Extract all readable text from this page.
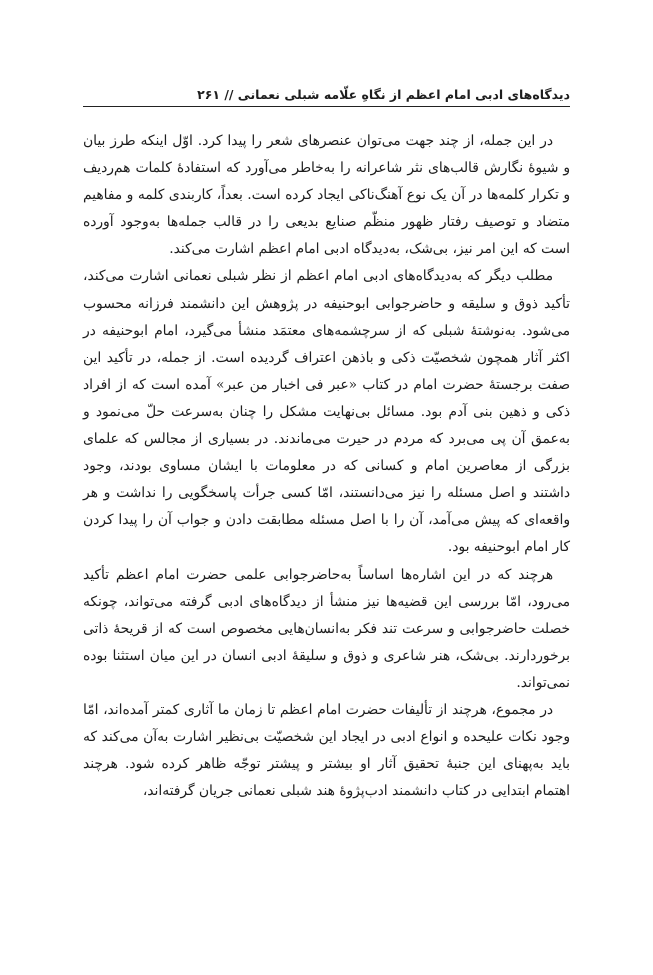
دیدگاه‌های ادبی امام اعظم از نگاهِ علّامه شبلی نعمانی // ۲۶۱

در این جمله، از چند جهت می‌توان عنصرهای شعر را پیدا کرد. اوّل اینکه طرز بیان و شیوهٔ نگارش قالب‌های نثر شاعرانه را به‌خاطر می‌آورد که استفادهٔ کلمات هم‌ردیف و تکرار کلمه‌ها در آن یک نوع آهنگ‌ناکی ایجاد کرده است. بعداً، کاربندی کلمه و مفاهیم متضاد و توصیف رفتار ظهور منظّم صنایع بدیعی را در قالب جمله‌ها به‌وجود آورده است که این امر نیز، بی‌شک، به‌دیدگاه ادبی امام اعظم اشارت می‌کند.

مطلب دیگر که به‌دیدگاه‌های ادبی امام اعظم از نظر شبلی نعمانی اشارت می‌کند، تأکید ذوق و سلیقه و حاضرجوابی ابوحنیفه در پژوهش این دانشمند فرزانه محسوب می‌شود. به‌نوشتهٔ شبلی که از سرچشمه‌های معتمَد منشأ می‌گیرد، امام ابوحنیفه در اکثر آثار همچون شخصیّت ذکی و باذهن اعتراف گردیده است. از جمله، در تأکید این صفت برجستهٔ حضرت امام در کتاب «عبر فی اخبار من عبر» آمده است که از افراد ذکی و ذهین بنی آدم بود. مسائل بی‌نهایت مشکل را چنان به‌سرعت حلّ می‌نمود و به‌عمق آن پی می‌برد که مردم در حیرت می‌ماندند. در بسیاری از مجالس که علمای بزرگی از معاصرین امام و کسانی که در معلومات با ایشان مساوی بودند، وجود داشتند و اصل مسئله را نیز می‌دانستند، امّا کسی جرأت پاسخگویی را نداشت و هر واقعه‌ای که پیش می‌آمد، آن را با اصل مسئله مطابقت دادن و جواب آن را پیدا کردن کار امام ابوحنیفه بود.

هرچند که در این اشاره‌ها اساساً به‌حاضرجوابی علمی حضرت امام اعظم تأکید می‌رود، امّا بررسی این قضیه‌ها نیز منشأ از دیدگاه‌های ادبی گرفته می‌تواند، چونکه خصلت حاضرجوابی و سرعت تند فکر به‌انسان‌هایی مخصوص است که از قریحهٔ ذاتی برخوردارند. بی‌شک، هنر شاعری و ذوق و سلیقهٔ ادبی انسان در این میان استثنا بوده نمی‌تواند.

در مجموع، هرچند از تألیفات حضرت امام اعظم تا زمان ما آثاری کمتر آمده‌اند، امّا وجود نکات علیحده و انواع ادبی در ایجاد این شخصیّت بی‌نظیر اشارت به‌آن می‌کند که باید به‌پهنای این جنبهٔ تحقیق آثار او بیشتر و پیشتر توجّه ظاهر کرده شود. هرچند اهتمام ابتدایی در کتاب دانشمند ادب‌پژوهٔ هند شبلی نعمانی جریان گرفته‌اند،
